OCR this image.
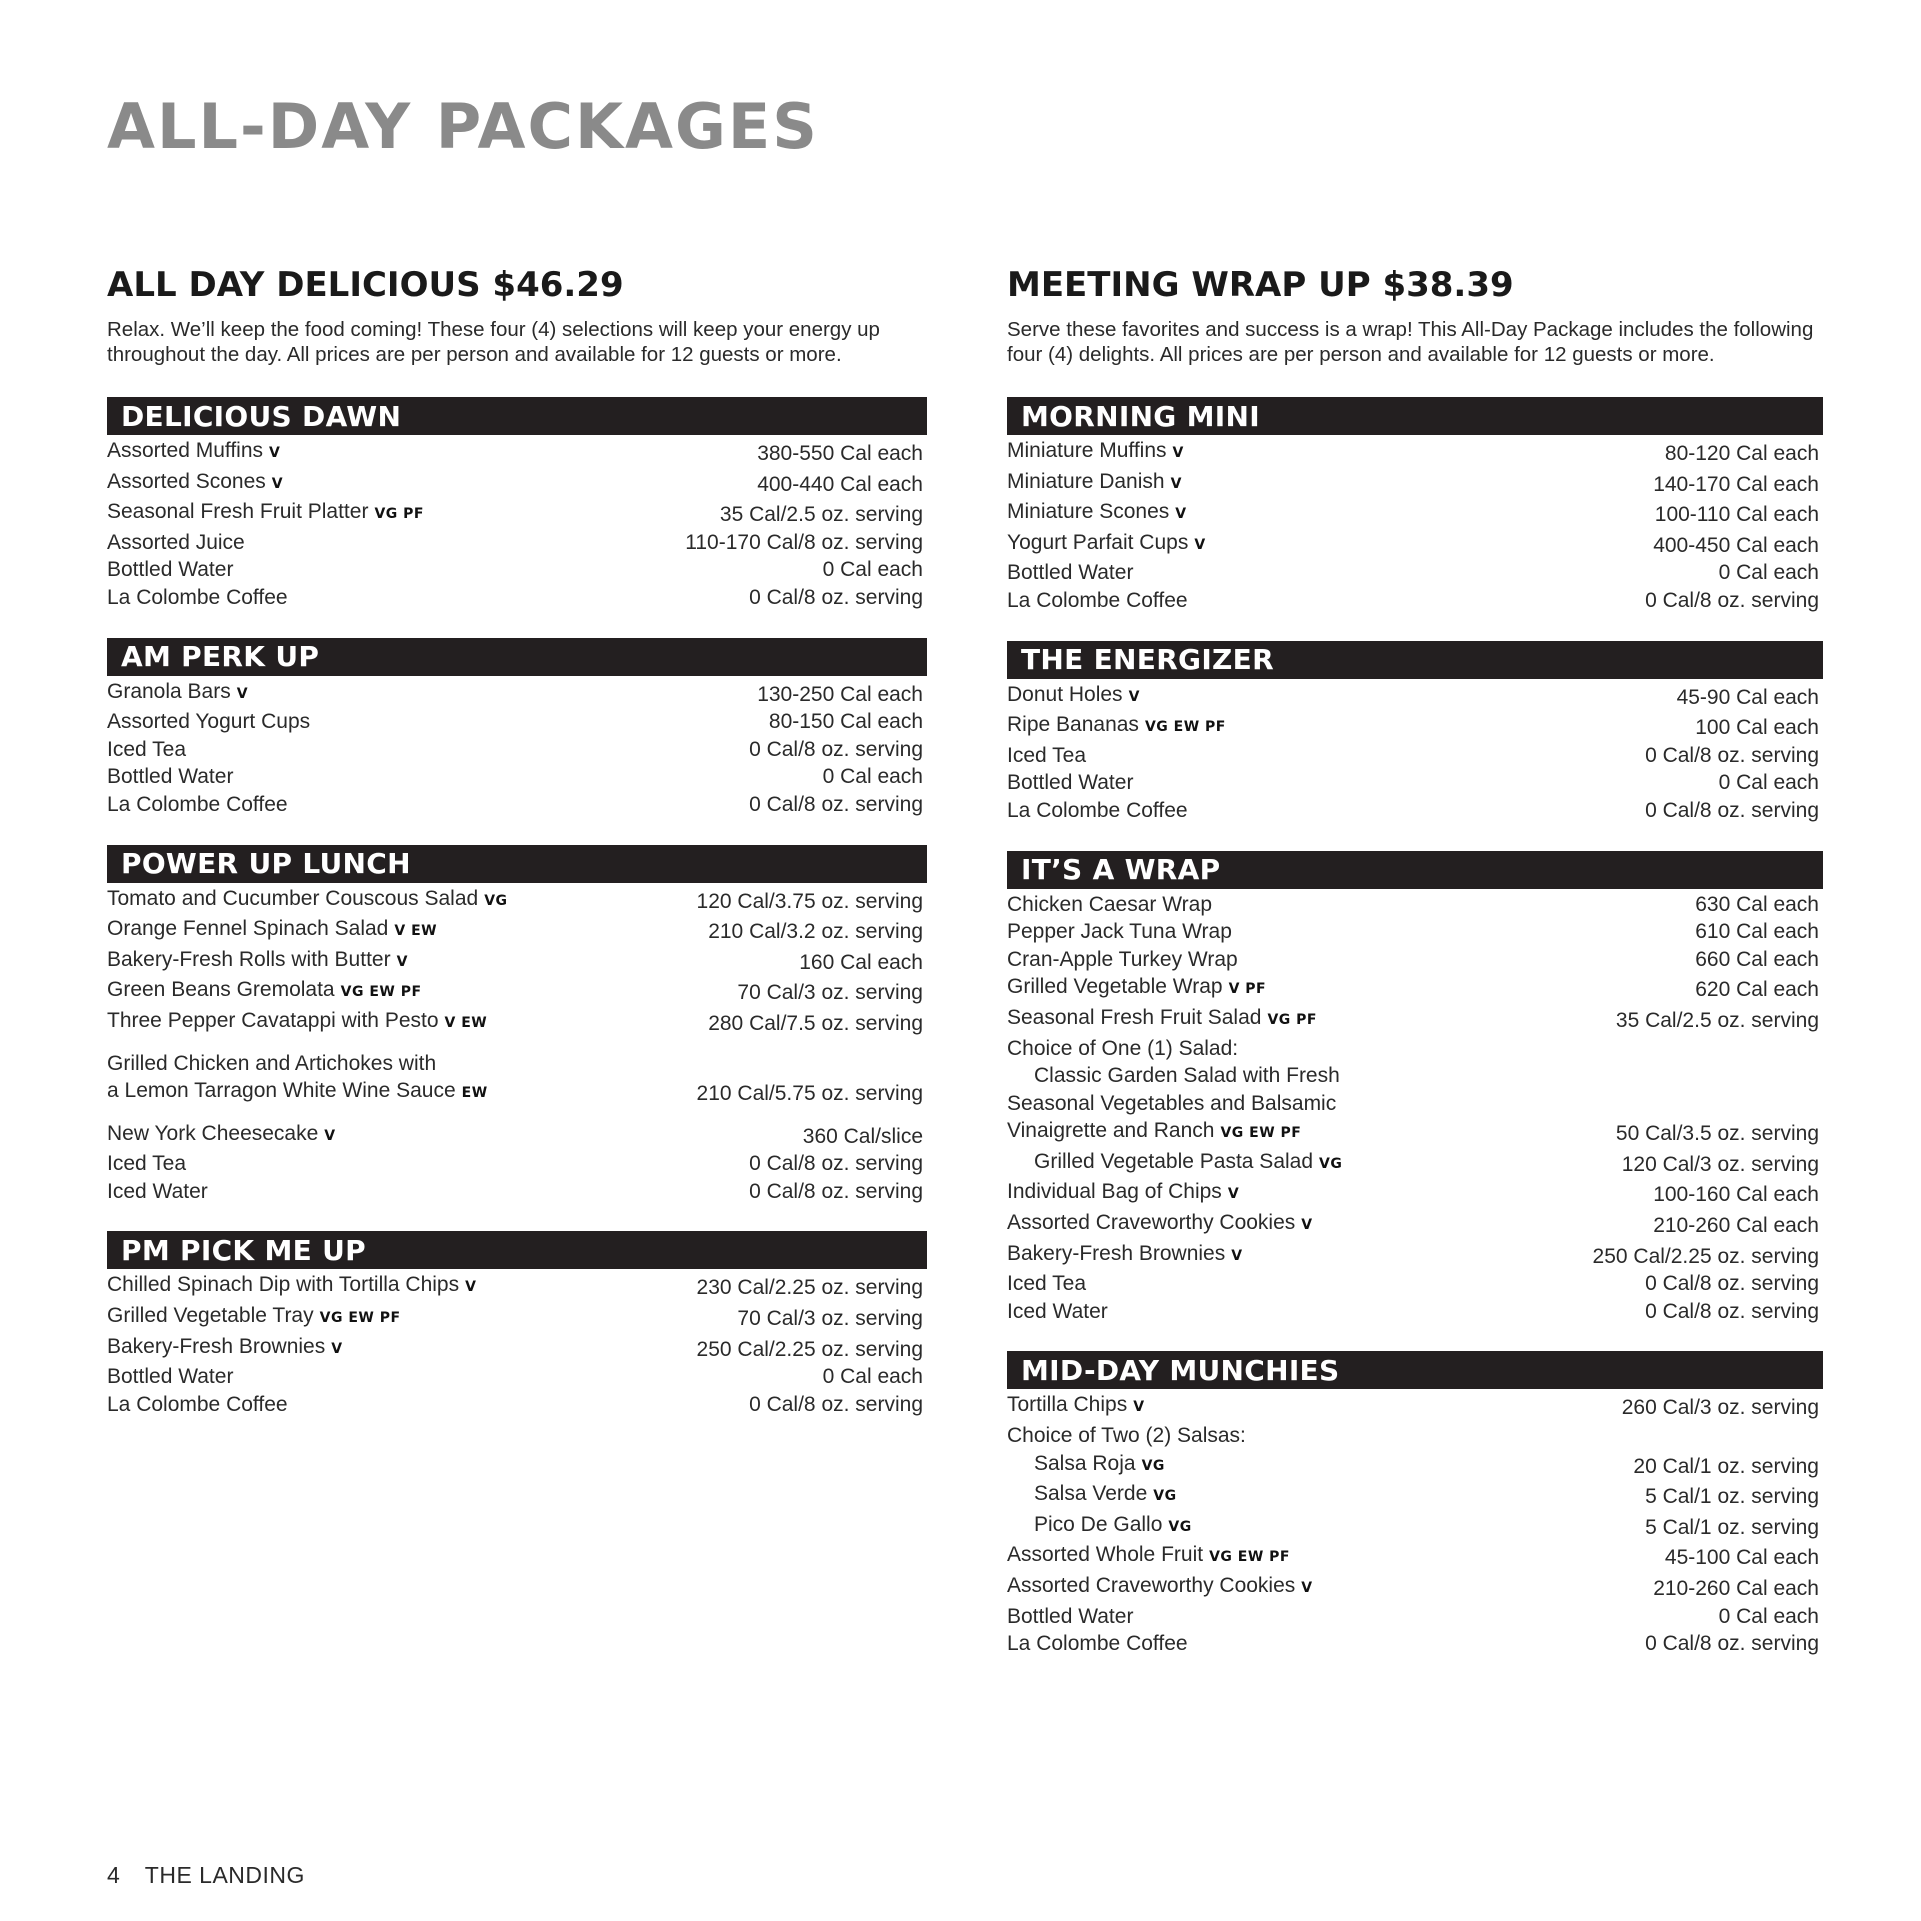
ALL-DAY PACKAGES
ALL DAY DELICIOUS $46.29

Relax. We’ll keep the food coming! These four (4) selections will keep your energy up throughout the day. All prices are per person and available for 12 guests or more.

DELICIOUS DAWN
Assorted Muffins V	380-550 Cal each
Assorted Scones V	400-440 Cal each
Seasonal Fresh Fruit Platter VG PF	35 Cal/2.5 oz. serving
Assorted Juice	110-170 Cal/8 oz. serving
Bottled Water	0 Cal each
La Colombe Coffee	0 Cal/8 oz. serving
AM PERK UP
Granola Bars V	130-250 Cal each
Assorted Yogurt Cups	80-150 Cal each
Iced Tea	0 Cal/8 oz. serving
Bottled Water	0 Cal each
La Colombe Coffee	0 Cal/8 oz. serving
POWER UP LUNCH
Tomato and Cucumber Couscous Salad VG	120 Cal/3.75 oz. serving
Orange Fennel Spinach Salad V EW	210 Cal/3.2 oz. serving
Bakery-Fresh Rolls with Butter V	160 Cal each
Green Beans Gremolata VG EW PF	70 Cal/3 oz. serving
Three Pepper Cavatappi with Pesto V EW	280 Cal/7.5 oz. serving
Grilled Chicken and Artichokes with
a Lemon Tarragon White Wine Sauce EW	210 Cal/5.75 oz. serving
New York Cheesecake V	360 Cal/slice
Iced Tea	0 Cal/8 oz. serving
Iced Water	0 Cal/8 oz. serving
PM PICK ME UP
Chilled Spinach Dip with Tortilla Chips V	230 Cal/2.25 oz. serving
Grilled Vegetable Tray VG EW PF	70 Cal/3 oz. serving
Bakery-Fresh Brownies V	250 Cal/2.25 oz. serving
Bottled Water	0 Cal each
La Colombe Coffee	0 Cal/8 oz. serving
MEETING WRAP UP $38.39

Serve these favorites and success is a wrap! This All-Day Package includes the following four (4) delights. All prices are per person and available for 12 guests or more.

MORNING MINI
Miniature Muffins V	80-120 Cal each
Miniature Danish V	140-170 Cal each
Miniature Scones V	100-110 Cal each
Yogurt Parfait Cups V	400-450 Cal each
Bottled Water	0 Cal each
La Colombe Coffee	0 Cal/8 oz. serving
THE ENERGIZER
Donut Holes V	45-90 Cal each
Ripe Bananas VG EW PF	100 Cal each
Iced Tea	0 Cal/8 oz. serving
Bottled Water	0 Cal each
La Colombe Coffee	0 Cal/8 oz. serving
IT’S A WRAP
Chicken Caesar Wrap	630 Cal each
Pepper Jack Tuna Wrap	610 Cal each
Cran-Apple Turkey Wrap	660 Cal each
Grilled Vegetable Wrap V PF	620 Cal each
Seasonal Fresh Fruit Salad VG PF	35 Cal/2.5 oz. serving
Choice of One (1) Salad:
Classic Garden Salad with Fresh
Seasonal Vegetables and Balsamic
Vinaigrette and Ranch VG EW PF	50 Cal/3.5 oz. serving
Grilled Vegetable Pasta Salad VG	120 Cal/3 oz. serving
Individual Bag of Chips V	100-160 Cal each
Assorted Craveworthy Cookies V	210-260 Cal each
Bakery-Fresh Brownies V	250 Cal/2.25 oz. serving
Iced Tea	0 Cal/8 oz. serving
Iced Water	0 Cal/8 oz. serving
MID-DAY MUNCHIES
Tortilla Chips V	260 Cal/3 oz. serving
Choice of Two (2) Salsas:
Salsa Roja VG	20 Cal/1 oz. serving
Salsa Verde VG	5 Cal/1 oz. serving
Pico De Gallo VG	5 Cal/1 oz. serving
Assorted Whole Fruit VG EW PF	45-100 Cal each
Assorted Craveworthy Cookies V	210-260 Cal each
Bottled Water	0 Cal each
La Colombe Coffee	0 Cal/8 oz. serving
4 THE LANDING
